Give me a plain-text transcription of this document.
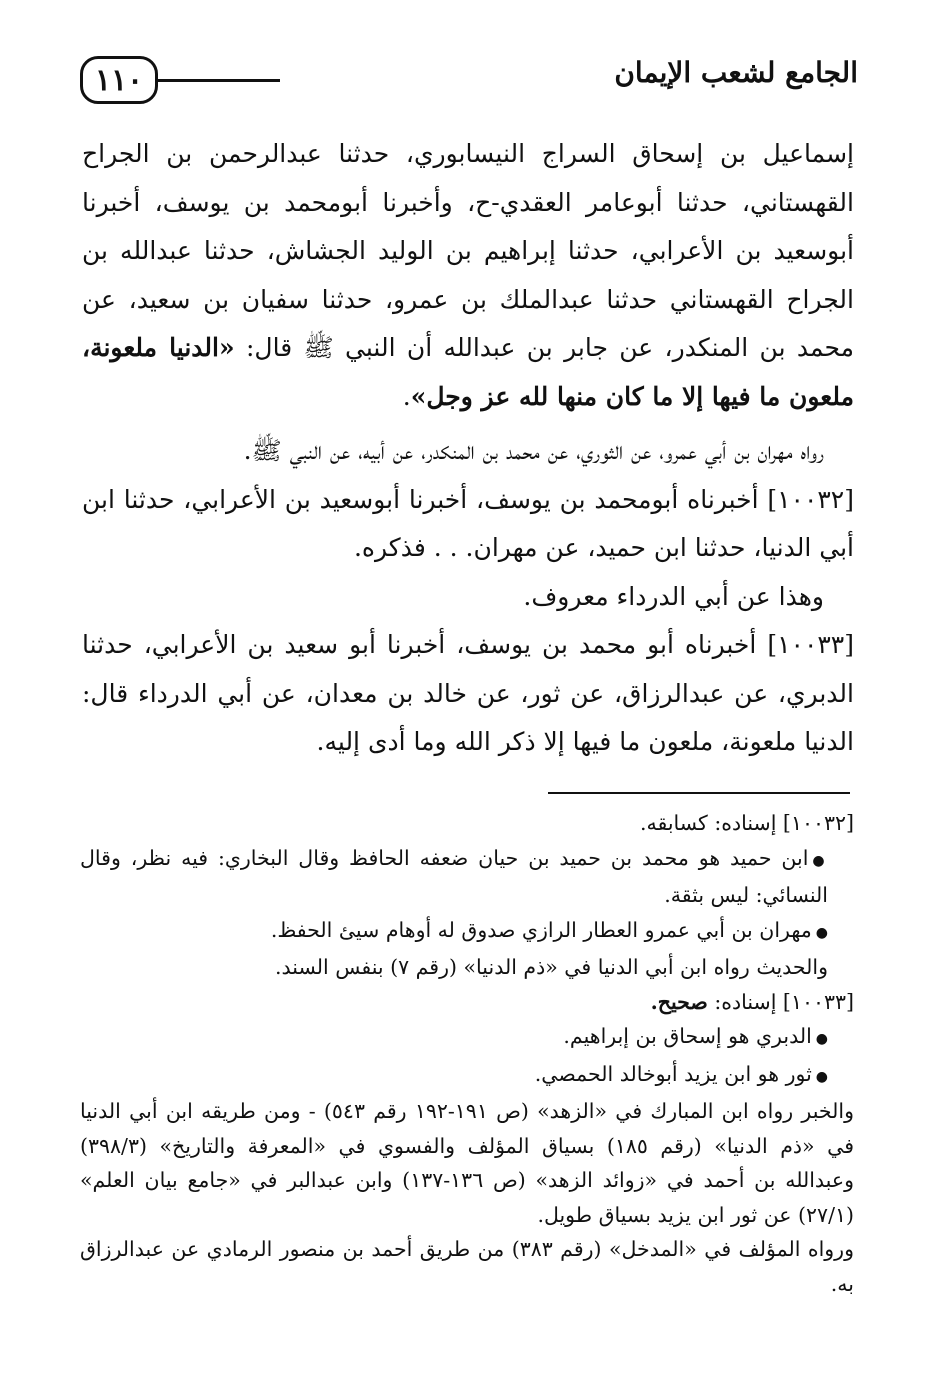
١١٠	الجامع لشعب الإيمان

إسماعيل بن إسحاق السراج النيسابوري، حدثنا عبدالرحمن بن الجراح القهستاني، حدثنا أبوعامر العقدي-ح، وأخبرنا أبومحمد بن يوسف، أخبرنا أبوسعيد بن الأعرابي، حدثنا إبراهيم بن الوليد الجشاش، حدثنا عبدالله بن الجراح القهستاني حدثنا عبدالملك بن عمرو، حدثنا سفيان بن سعيد، عن محمد بن المنكدر، عن جابر بن عبدالله أن النبي ﷺ قال: «الدنيا ملعونة، ملعون ما فيها إلا ما كان منها لله عز وجل».

رواه مهران بن أبي عمرو، عن الثوري، عن محمد بن المنكدر، عن أبيه، عن النبي ﷺ.

[١٠٠٣٢] أخبرناه أبومحمد بن يوسف، أخبرنا أبوسعيد بن الأعرابي، حدثنا ابن أبي الدنيا، حدثنا ابن حميد، عن مهران. . . فذكره.

وهذا عن أبي الدرداء معروف.

[١٠٠٣٣] أخبرناه أبو محمد بن يوسف، أخبرنا أبو سعيد بن الأعرابي، حدثنا الدبري، عن عبدالرزاق، عن ثور، عن خالد بن معدان، عن أبي الدرداء قال: الدنيا ملعونة، ملعون ما فيها إلا ذكر الله وما أدى إليه.

[١٠٠٣٢] إسناده: كسابقه.

●ابن حميد هو محمد بن حميد بن حيان ضعفه الحافظ وقال البخاري: فيه نظر، وقال النسائي: ليس بثقة.

●مهران بن أبي عمرو العطار الرازي صدوق له أوهام سيئ الحفظ.

والحديث رواه ابن أبي الدنيا في «ذم الدنيا» (رقم ٧) بنفس السند.

[١٠٠٣٣] إسناده: صحيح.

●الدبري هو إسحاق بن إبراهيم.

●ثور هو ابن يزيد أبوخالد الحمصي.

والخبر رواه ابن المبارك في «الزهد» (ص ١٩١-١٩٢ رقم ٥٤٣) - ومن طريقه ابن أبي الدنيا في «ذم الدنيا» (رقم ١٨٥) بسياق المؤلف والفسوي في «المعرفة والتاريخ» (٣٩٨/٣) وعبدالله بن أحمد في «زوائد الزهد» (ص ١٣٦-١٣٧) وابن عبدالبر في «جامع بيان العلم» (٢٧/١) عن ثور ابن يزيد بسياق طويل.

ورواه المؤلف في «المدخل» (رقم ٣٨٣) من طريق أحمد بن منصور الرمادي عن عبدالرزاق به.
